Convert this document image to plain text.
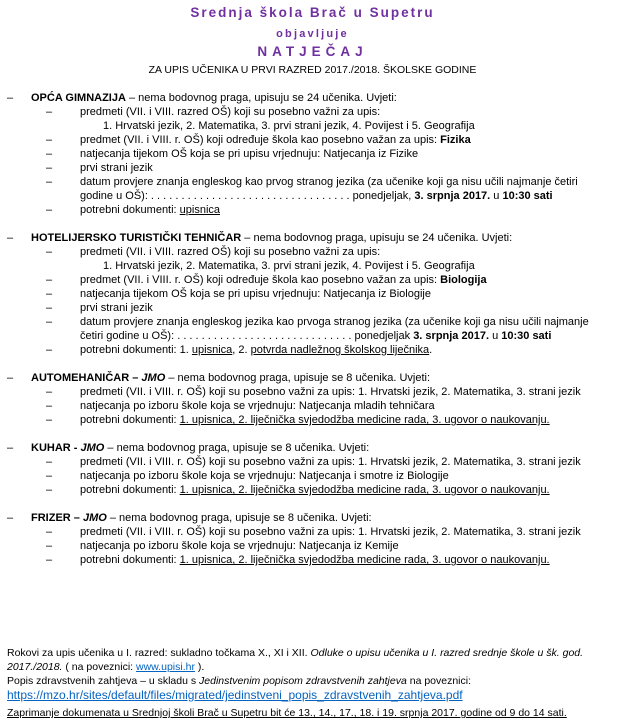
Srednja škola Brač u Supetru
objavljuje
NATJEČAJ
ZA UPIS UČENIKA U PRVI RAZRED 2017./2018. ŠKOLSKE GODINE
– OPĆA GIMNAZIJA – nema bodovnog praga, upisuju se 24 učenika. Uvjeti:
–	predmeti (VII. i VIII. razred OŠ) koji su posebno važni za upis:
1. Hrvatski jezik, 2. Matematika, 3. prvi strani jezik, 4. Povijest i 5. Geografija
–	predmet (VII. i VIII. r. OŠ) koji određuje škola kao posebno važan za upis: Fizika
–	natjecanja tijekom OŠ koja se pri upisu vrjednuju: Natjecanja iz Fizike
–	prvi strani jezik
–	datum provjere znanja engleskog kao prvog stranog jezika (za učenike koji ga nisu učili najmanje četiri
godine u OŠ): . . . . . . . . . . . . . . . . . . . . . . . . . . . . . . . . . ponedjeljak, 3. srpnja 2017. u 10:30 sati
–	potrebni dokumenti: upisnica
– HOTELIJERSKO TURISTIČKI TEHNIČAR – nema bodovnog praga, upisuju se 24 učenika. Uvjeti:
–	predmeti (VII. i VIII. razred OŠ) koji su posebno važni za upis:
1. Hrvatski jezik, 2. Matematika, 3. prvi strani jezik, 4. Povijest i 5. Geografija
–	predmet (VII. i VIII. r. OŠ) koji određuje škola kao posebno važan za upis: Biologija
–	natjecanja tijekom OŠ koja se pri upisu vrjednuju: Natjecanja iz Biologije
–	prvi strani jezik
–	datum provjere znanja engleskog jezika kao prvoga stranog jezika (za učenike koji ga nisu učili najmanje
četiri godine u OŠ): . . . . . . . . . . . . . . . . . . . . . . . . . . . . . ponedjeljak 3. srpnja 2017. u 10:30 sati
–	potrebni dokumenti: 1. upisnica, 2. potvrda nadležnog školskog liječnika.
– AUTOMEHANIČAR – JMO – nema bodovnog praga, upisuje se 8 učenika. Uvjeti:
–	predmeti (VII. i VIII. r. OŠ) koji su posebno važni za upis: 1. Hrvatski jezik, 2. Matematika, 3. strani jezik
–	natjecanja po izboru škole koja se vrjednuju: Natjecanja mladih tehničara
–	potrebni dokumenti: 1. upisnica, 2. liječnička svjedodžba medicine rada, 3. ugovor o naukovanju.
– KUHAR - JMO – nema bodovnog praga, upisuje se 8 učenika. Uvjeti:
–	predmeti (VII. i VIII. r. OŠ) koji su posebno važni za upis: 1. Hrvatski jezik, 2. Matematika, 3. strani jezik
–	natjecanja po izboru škole koja se vrjednuju: Natjecanja i smotre iz Biologije
–	potrebni dokumenti: 1. upisnica, 2. liječnička svjedodžba medicine rada, 3. ugovor o naukovanju.
– FRIZER – JMO – nema bodovnog praga, upisuje se 8 učenika. Uvjeti:
–	predmeti (VII. i VIII. r. OŠ) koji su posebno važni za upis: 1. Hrvatski jezik, 2. Matematika, 3. strani jezik
–	natjecanja po izboru škole koja se vrjednuju: Natjecanja iz Kemije
–	potrebni dokumenti: 1. upisnica, 2. liječnička svjedodžba medicine rada, 3. ugovor o naukovanju.
Rokovi za upis učenika u I. razred: sukladno točkama X., XI i XII. Odluke o upisu učenika u I. razred srednje škole u šk. god.
2017./2018. ( na poveznici: www.upisi.hr ).
Popis zdravstvenih zahtjeva – u skladu s Jedinstvenim popisom zdravstvenih zahtjeva na poveznici:
https://mzo.hr/sites/default/files/migrated/jedinstveni_popis_zdravstvenih_zahtjeva.pdf
Zaprimanje dokumenata u Srednjoj školi Brač u Supetru bit će 13., 14., 17., 18. i 19. srpnja 2017. godine od 9 do 14 sati.
